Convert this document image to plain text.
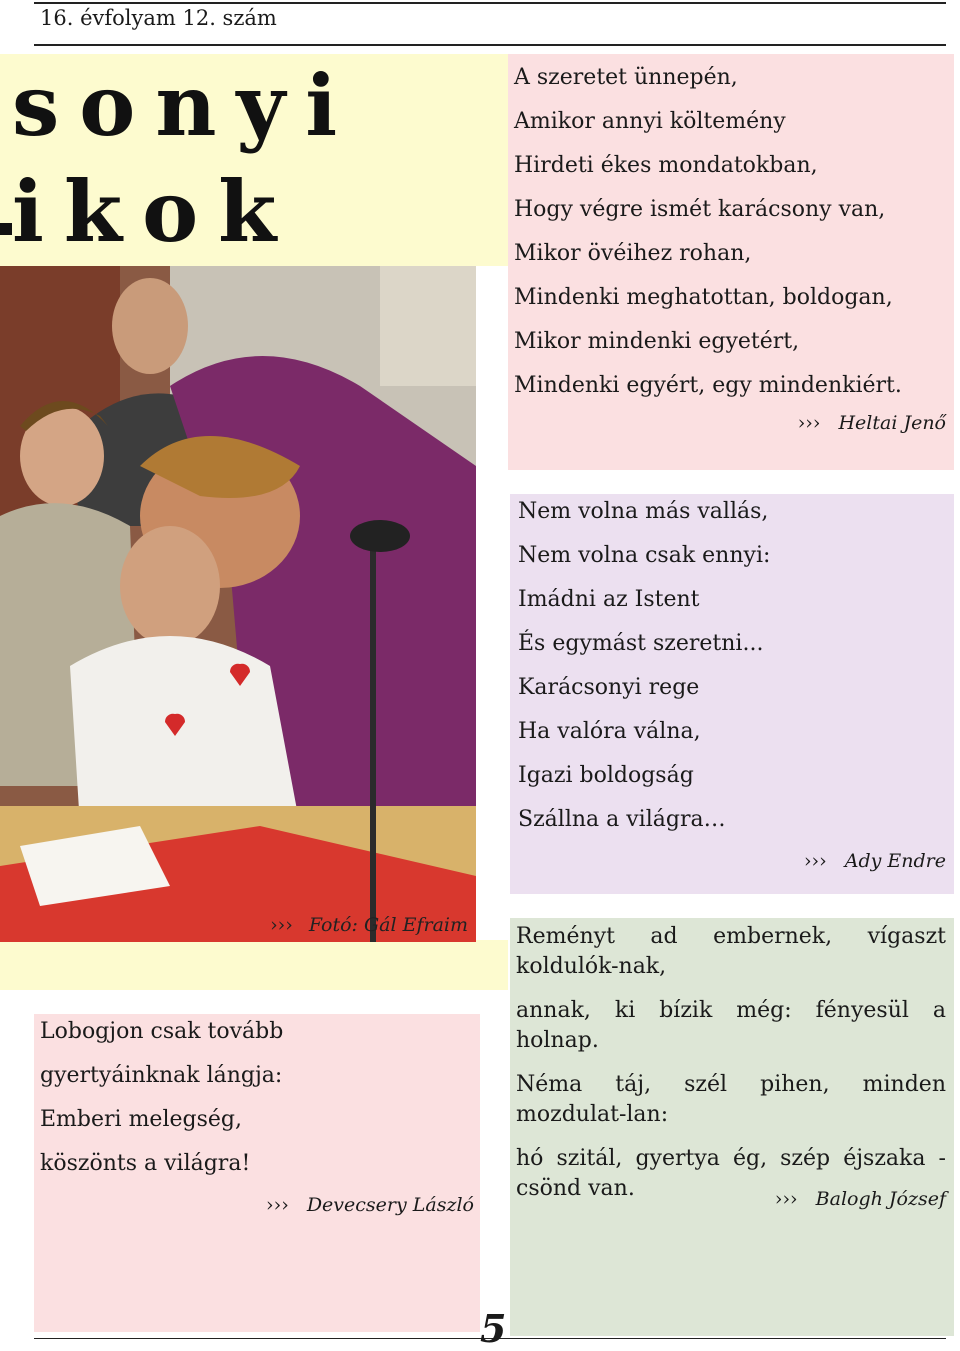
16. évfolyam 12. szám
sonyi
ikok
››› Fotó: Gál Efraim
A szeretet ünnepén,
Amikor annyi költemény
Hirdeti ékes mondatokban,
Hogy végre ismét karácsony van,
Mikor övéihez rohan,
Mindenki meghatottan, boldogan,
Mikor mindenki egyetért,
Mindenki egyért, egy mindenkiért.
››› Heltai Jenő
Nem volna más vallás,
Nem volna csak ennyi:
Imádni az Istent
És egymást szeretni...
Karácsonyi rege
Ha valóra válna,
Igazi boldogság
Szállna a világra…
››› Ady Endre

Reményt ad embernek, vígaszt koldulók-nak,

annak, ki bízik még: fényesül a holnap.

Néma táj, szél pihen, minden mozdulat-lan:

hó szitál, gyertya ég, szép éjszaka - csönd van.	››› Balogh József
Lobogjon csak tovább
gyertyáinknak lángja:
Emberi melegség,
köszönts a világra!
››› Devecsery László
5
